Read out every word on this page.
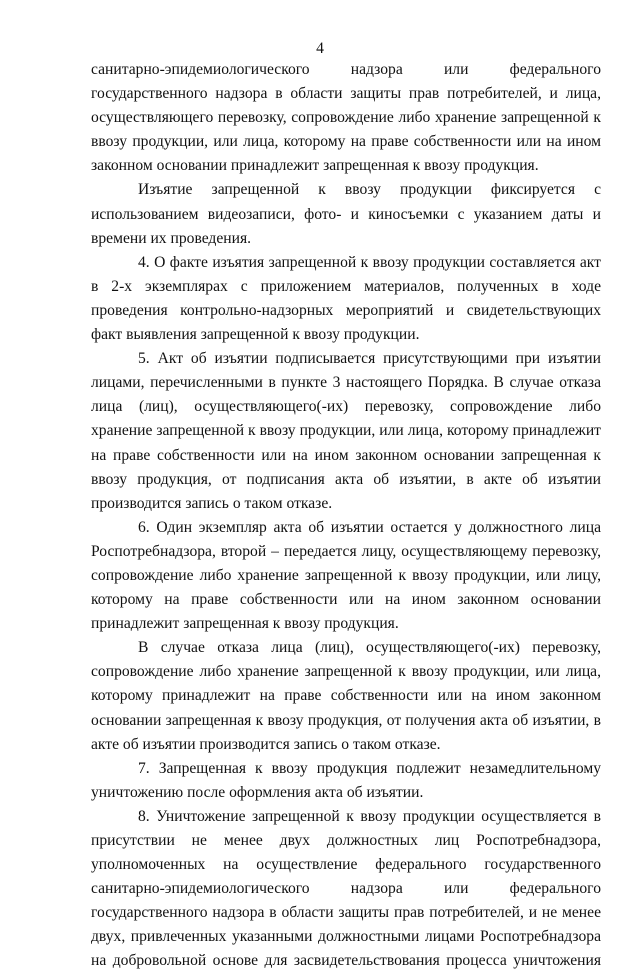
4

санитарно-эпидемиологического надзора или федерального государственного надзора в области защиты прав потребителей, и лица, осуществляющего перевозку, сопровождение либо хранение запрещенной к ввозу продукции, или лица, которому на праве собственности или на ином законном основании принадлежит запрещенная к ввозу продукция.

Изъятие запрещенной к ввозу продукции фиксируется с использованием видеозаписи, фото- и киносъемки с указанием даты и времени их проведения.

4. О факте изъятия запрещенной к ввозу продукции составляется акт в 2-х экземплярах с приложением материалов, полученных в ходе проведения контрольно-надзорных мероприятий и свидетельствующих факт выявления запрещенной к ввозу продукции.

5. Акт об изъятии подписывается присутствующими при изъятии лицами, перечисленными в пункте 3 настоящего Порядка. В случае отказа лица (лиц), осуществляющего(-их) перевозку, сопровождение либо хранение запрещенной к ввозу продукции, или лица, которому принадлежит на праве собственности или на ином законном основании запрещенная к ввозу продукция, от подписания акта об изъятии, в акте об изъятии производится запись о таком отказе.

6. Один экземпляр акта об изъятии остается у должностного лица Роспотребнадзора, второй – передается лицу, осуществляющему перевозку, сопровождение либо хранение запрещенной к ввозу продукции, или лицу, которому на праве собственности или на ином законном основании принадлежит запрещенная к ввозу продукция.

В случае отказа лица (лиц), осуществляющего(-их) перевозку, сопровождение либо хранение запрещенной к ввозу продукции, или лица, которому принадлежит на праве собственности или на ином законном основании запрещенная к ввозу продукция, от получения акта об изъятии, в акте об изъятии производится запись о таком отказе.

7. Запрещенная к ввозу продукция подлежит незамедлительному уничтожению после оформления акта об изъятии.

8. Уничтожение запрещенной к ввозу продукции осуществляется в присутствии не менее двух должностных лиц Роспотребнадзора, уполномоченных на осуществление федерального государственного санитарно-эпидемиологического надзора или федерального государственного надзора в области защиты прав потребителей, и не менее двух, привлеченных указанными должностными лицами Роспотребнадзора на добровольной основе для засвидетельствования процесса уничтожения
